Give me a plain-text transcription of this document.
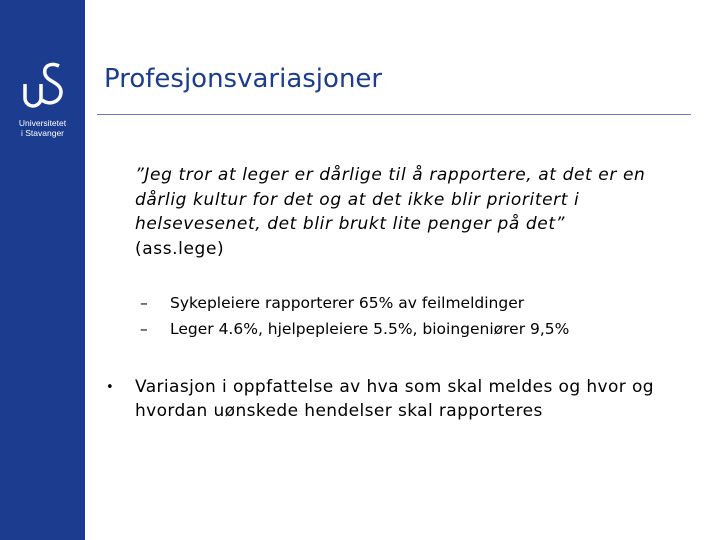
Universitetet
i Stavanger
Profesjonsvariasjoner
”Jeg tror at leger er dårlige til å rapportere, at det er en dårlig kultur for det og at det ikke blir prioritert i helsevesenet, det blir brukt lite penger på det”
(ass.lege)
– Sykepleiere rapporterer 65% av feilmeldinger
– Leger 4.6%, hjelpepleiere 5.5%, bioingeniører 9,5%
•	Variasjon i oppfattelse av hva som skal meldes og hvor og hvordan uønskede hendelser skal rapporteres
